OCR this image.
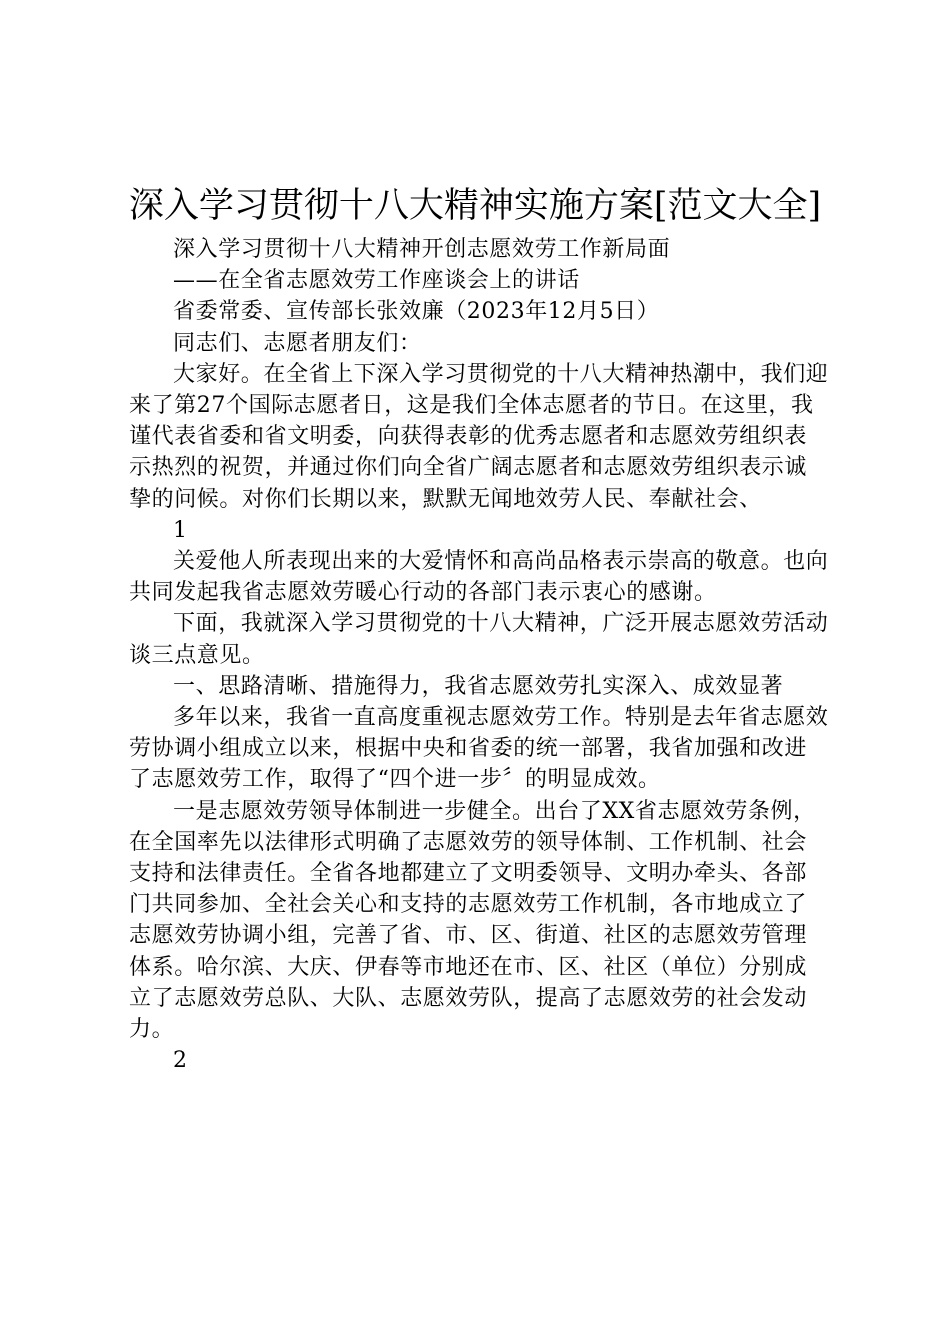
深入学习贯彻十八大精神实施方案[范文大全]

深入学习贯彻十八大精神开创志愿效劳工作新局面

——在全省志愿效劳工作座谈会上的讲话

省委常委、宣传部长张效廉（2023年12月5日）

同志们、志愿者朋友们：

大家好。在全省上下深入学习贯彻党的十八大精神热潮中，我们迎来了第27个国际志愿者日，这是我们全体志愿者的节日。在这里，我谨代表省委和省文明委，向获得表彰的优秀志愿者和志愿效劳组织表示热烈的祝贺，并通过你们向全省广阔志愿者和志愿效劳组织表示诚挚的问候。对你们长期以来，默默无闻地效劳人民、奉献社会、

1

关爱他人所表现出来的大爱情怀和高尚品格表示崇高的敬意。也向共同发起我省志愿效劳暖心行动的各部门表示衷心的感谢。

下面，我就深入学习贯彻党的十八大精神，广泛开展志愿效劳活动谈三点意见。

一、思路清晰、措施得力，我省志愿效劳扎实深入、成效显著

多年以来，我省一直高度重视志愿效劳工作。特别是去年省志愿效劳协调小组成立以来，根据中央和省委的统一部署，我省加强和改进了志愿效劳工作，取得了“四个进一步〞的明显成效。

一是志愿效劳领导体制进一步健全。出台了XX省志愿效劳条例，在全国率先以法律形式明确了志愿效劳的领导体制、工作机制、社会支持和法律责任。全省各地都建立了文明委领导、文明办牵头、各部门共同参加、全社会关心和支持的志愿效劳工作机制，各市地成立了志愿效劳协调小组，完善了省、市、区、街道、社区的志愿效劳管理体系。哈尔滨、大庆、伊春等市地还在市、区、社区（单位）分别成立了志愿效劳总队、大队、志愿效劳队，提高了志愿效劳的社会发动力。

2
